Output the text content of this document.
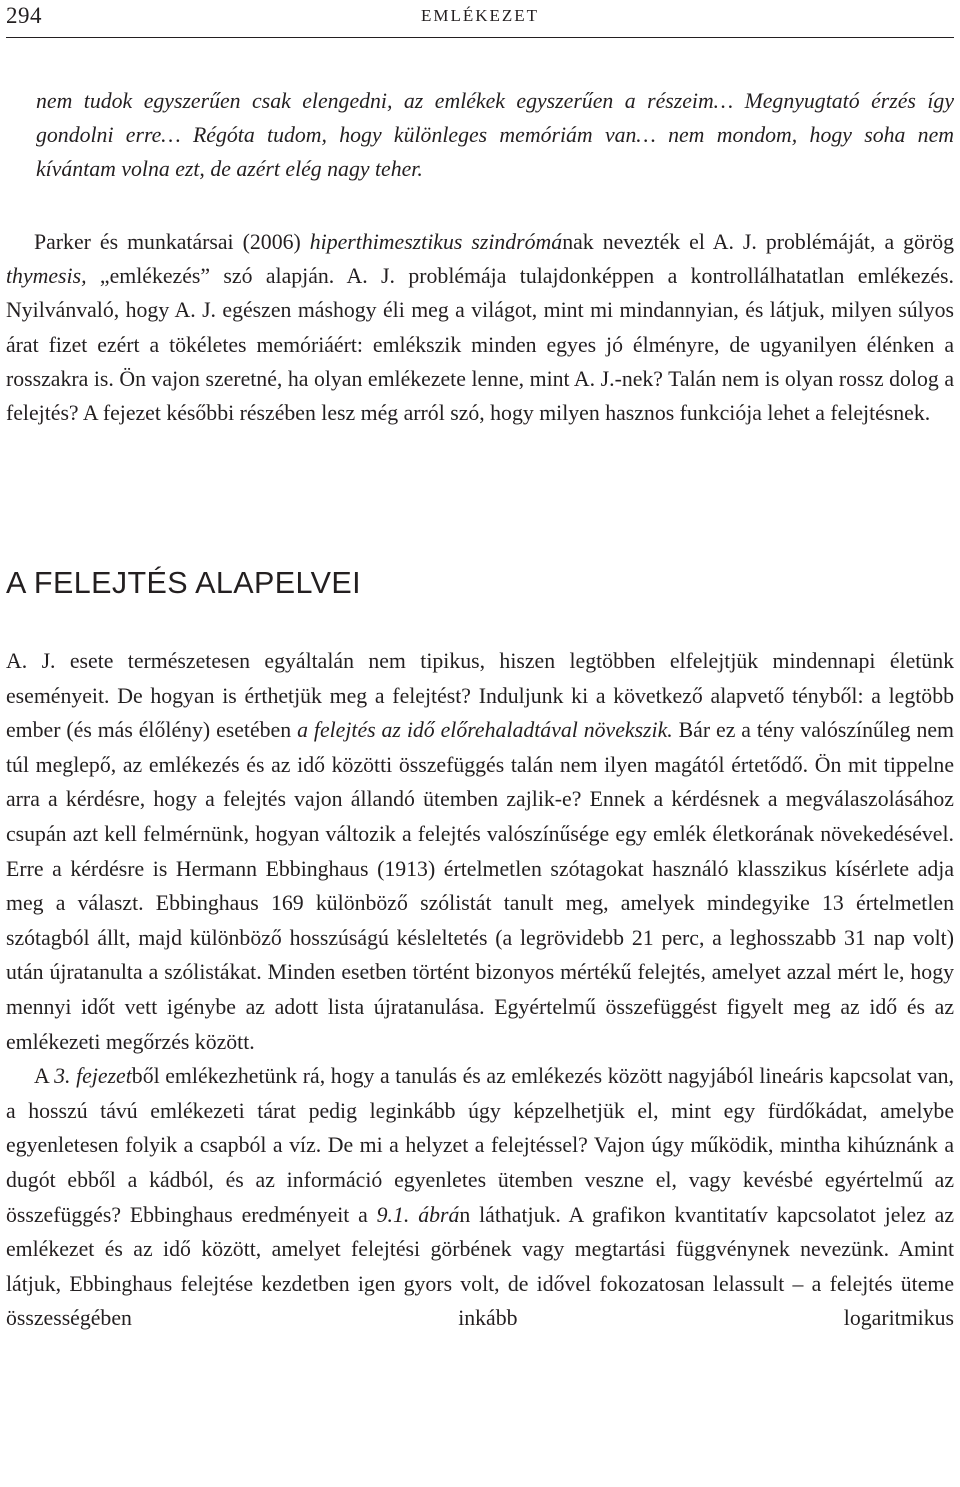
294	EMLÉKEZET

nem tudok egyszerűen csak elengedni, az emlékek egyszerűen a részeim… Megnyugtató érzés így gondolni erre… Régóta tudom, hogy különleges memóriám van… nem mondom, hogy soha nem kívántam volna ezt, de azért elég nagy teher.

Parker és munkatársai (2006) hiperthimesztikus szindrómának nevezték el A. J. problémáját, a görög thymesis, „emlékezés” szó alapján. A. J. problémája tulajdonképpen a kontrollálhatatlan emlékezés. Nyilvánvaló, hogy A. J. egészen máshogy éli meg a világot, mint mi mindannyian, és látjuk, milyen súlyos árat fizet ezért a tökéletes memóriáért: emlékszik minden egyes jó élményre, de ugyanilyen élénken a rosszakra is. Ön vajon szeretné, ha olyan emlékezete lenne, mint A. J.-nek? Talán nem is olyan rossz dolog a felejtés? A fejezet későbbi részében lesz még arról szó, hogy milyen hasznos funkciója lehet a felejtésnek.

A FELEJTÉS ALAPELVEI

A. J. esete természetesen egyáltalán nem tipikus, hiszen legtöbben elfelejtjük mindennapi életünk eseményeit. De hogyan is érthetjük meg a felejtést? Induljunk ki a következő alapvető tényből: a legtöbb ember (és más élőlény) esetében a felejtés az idő előrehaladtával növekszik. Bár ez a tény valószínűleg nem túl meglepő, az emlékezés és az idő közötti összefüggés talán nem ilyen magától értetődő. Ön mit tippelne arra a kérdésre, hogy a felejtés vajon állandó ütemben zajlik-e? Ennek a kérdésnek a megválaszolásához csupán azt kell felmérnünk, hogyan változik a felejtés valószínűsége egy emlék életkorának növekedésével. Erre a kérdésre is Hermann Ebbinghaus (1913) értelmetlen szótagokat használó klasszikus kísérlete adja meg a választ. Ebbinghaus 169 különböző szólistát tanult meg, amelyek mindegyike 13 értelmetlen szótagból állt, majd különböző hosszúságú késleltetés (a legrövidebb 21 perc, a leghosszabb 31 nap volt) után újratanulta a szólistákat. Minden esetben történt bizonyos mértékű felejtés, amelyet azzal mért le, hogy mennyi időt vett igénybe az adott lista újratanulása. Egyértelmű összefüggést figyelt meg az idő és az emlékezeti megőrzés között.

A 3. fejezetből emlékezhetünk rá, hogy a tanulás és az emlékezés között nagyjából lineáris kapcsolat van, a hosszú távú emlékezeti tárat pedig leginkább úgy képzelhetjük el, mint egy fürdőkádat, amelybe egyenletesen folyik a csapból a víz. De mi a helyzet a felejtéssel? Vajon úgy működik, mintha kihúznánk a dugót ebből a kádból, és az információ egyenletes ütemben veszne el, vagy kevésbé egyértelmű az összefüggés? Ebbinghaus eredményeit a 9.1. ábrán láthatjuk. A grafikon kvantitatív kapcsolatot jelez az emlékezet és az idő között, amelyet felejtési görbének vagy megtartási függvénynek nevezünk. Amint látjuk, Ebbinghaus felejtése kezdetben igen gyors volt, de idővel fokozatosan lelassult – a felejtés üteme összességében inkább logaritmikus
